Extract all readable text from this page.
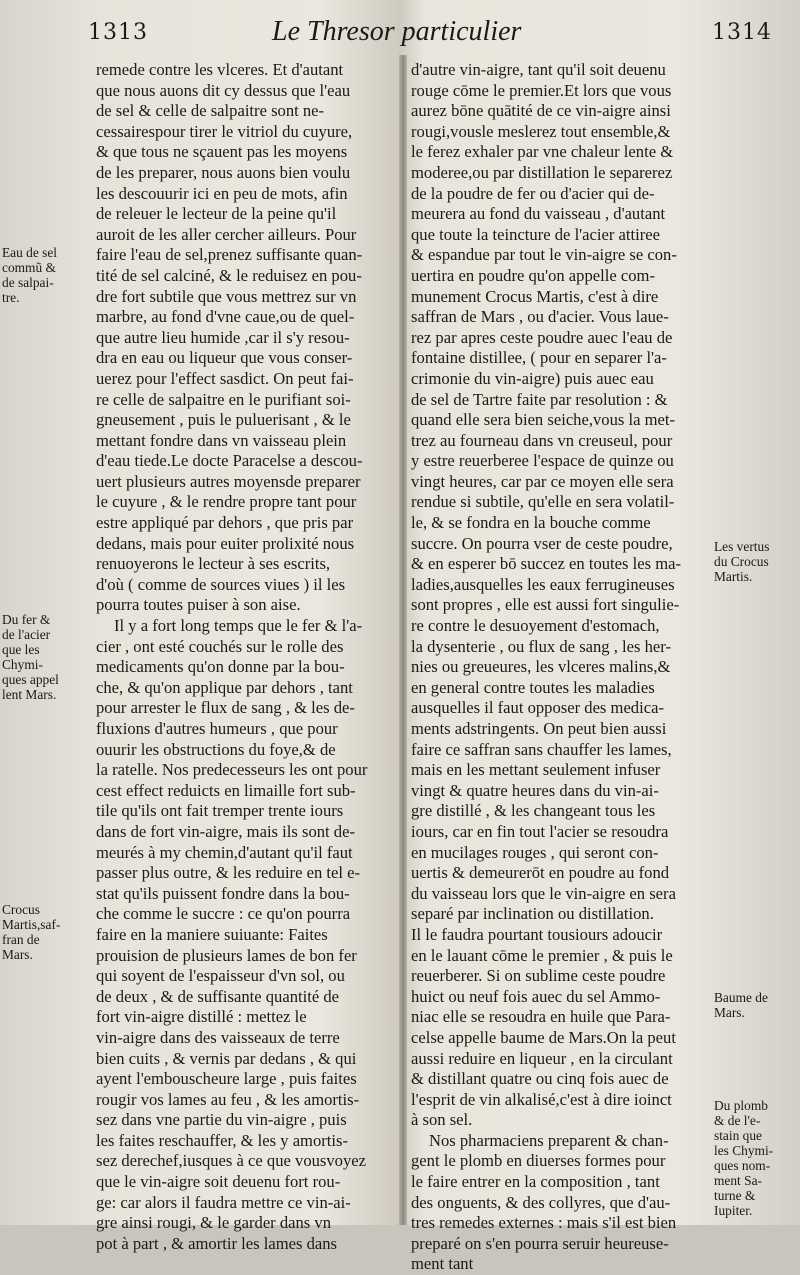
1313	Le Thresor particulier	1314
remede contre les vlceres. Et d'autant
que nous auons dit cy dessus que l'eau
de sel & celle de salpaitre sont ne-
cessairespour tirer le vitriol du cuyure,
& que tous ne sçauent pas les moyens
de les preparer, nous auons bien voulu
les descouurir ici en peu de mots, afin
de releuer le lecteur de la peine qu'il
auroit de les aller cercher ailleurs. Pour
faire l'eau de sel,prenez suffisante quan-
tité de sel calciné, & le reduisez en pou-
dre fort subtile que vous mettrez sur vn
marbre, au fond d'vne caue,ou de quel-
que autre lieu humide ,car il s'y resou-
dra en eau ou liqueur que vous conser-
uerez pour l'effect sasdict. On peut fai-
re celle de salpaitre en le purifiant soi-
gneusement , puis le puluerisant , & le
mettant fondre dans vn vaisseau plein
d'eau tiede.Le docte Paracelse a descou-
uert plusieurs autres moyensde preparer
le cuyure , & le rendre propre tant pour
estre appliqué par dehors , que pris par
dedans, mais pour euiter prolixité nous
renuoyerons le lecteur à ses escrits,
d'où ( comme de sources viues ) il les
pourra toutes puiser à son aise.
Il y a fort long temps que le fer & l'a-
cier , ont esté couchés sur le rolle des
medicaments qu'on donne par la bou-
che, & qu'on applique par dehors , tant
pour arrester le flux de sang , & les de-
fluxions d'autres humeurs , que pour
ouurir les obstructions du foye,& de
la ratelle. Nos predecesseurs les ont pour
cest effect reduicts en limaille fort sub-
tile qu'ils ont fait tremper trente iours
dans de fort vin-aigre, mais ils sont de-
meurés à my chemin,d'autant qu'il faut
passer plus outre, & les reduire en tel e-
stat qu'ils puissent fondre dans la bou-
che comme le succre : ce qu'on pourra
faire en la maniere suiuante: Faites
prouision de plusieurs lames de bon fer
qui soyent de l'espaisseur d'vn sol, ou
de deux , & de suffisante quantité de
fort vin-aigre distillé : mettez le
vin-aigre dans des vaisseaux de terre
bien cuits , & vernis par dedans , & qui
ayent l'embouscheure large , puis faites
rougir vos lames au feu , & les amortis-
sez dans vne partie du vin-aigre , puis
les faites reschauffer, & les y amortis-
sez derechef,iusques à ce que vousvoyez
que le vin-aigre soit deuenu fort rou-
ge: car alors il faudra mettre ce vin-ai-
gre ainsi rougi, & le garder dans vn
pot à part , & amortir les lames dans
d'autre vin-aigre, tant qu'il soit deuenu
rouge cōme le premier.Et lors que vous
aurez bōne quātité de ce vin-aigre ainsi
rougi,vousle meslerez tout ensemble,&
le ferez exhaler par vne chaleur lente &
moderee,ou par distillation le separerez
de la poudre de fer ou d'acier qui de-
meurera au fond du vaisseau , d'autant
que toute la teincture de l'acier attiree
& espandue par tout le vin-aigre se con-
uertira en poudre qu'on appelle com-
munement Crocus Martis, c'est à dire
saffran de Mars , ou d'acier. Vous laue-
rez par apres ceste poudre auec l'eau de
fontaine distillee, ( pour en separer l'a-
crimonie du vin-aigre) puis auec eau
de sel de Tartre faite par resolution : &
quand elle sera bien seiche,vous la met-
trez au fourneau dans vn creuseul, pour
y estre reuerberee l'espace de quinze ou
vingt heures, car par ce moyen elle sera
rendue si subtile, qu'elle en sera volatil-
le, & se fondra en la bouche comme
succre. On pourra vser de ceste poudre,
& en esperer bō succez en toutes les ma-
ladies,ausquelles les eaux ferrugineuses
sont propres , elle est aussi fort singulie-
re contre le desuoyement d'estomach,
la dysenterie , ou flux de sang , les her-
nies ou greueures, les vlceres malins,&
en general contre toutes les maladies
ausquelles il faut opposer des medica-
ments adstringents. On peut bien aussi
faire ce saffran sans chauffer les lames,
mais en les mettant seulement infuser
vingt & quatre heures dans du vin-ai-
gre distillé , & les changeant tous les
iours, car en fin tout l'acier se resoudra
en mucilages rouges , qui seront con-
uertis & demeurerōt en poudre au fond
du vaisseau lors que le vin-aigre en sera
separé par inclination ou distillation.
Il le faudra pourtant tousiours adoucir
en le lauant cōme le premier , & puis le
reuerberer. Si on sublime ceste poudre
huict ou neuf fois auec du sel Ammo-
niac elle se resoudra en huile que Para-
celse appelle baume de Mars.On la peut
aussi reduire en liqueur , en la circulant
& distillant quatre ou cinq fois auec de
l'esprit de vin alkalisé,c'est à dire ioinct
à son sel.
Nos pharmaciens preparent & chan-
gent le plomb en diuerses formes pour
le faire entrer en la composition , tant
des onguents, & des collyres, que d'au-
tres remedes externes : mais s'il est bien
preparé on s'en pourra seruir heureuse-
ment tant
Eau de sel
commũ &
de salpai-
tre.
Du fer &
de l'acier
que les
Chymi-
ques appel
lent Mars.
Crocus
Martis,saf-
fran de
Mars.
Les vertus
du Crocus
Martis.
Baume de
Mars.
Du plomb
& de l'e-
stain que
les Chymi-
ques nom-
ment Sa-
turne &
Iupiter.
